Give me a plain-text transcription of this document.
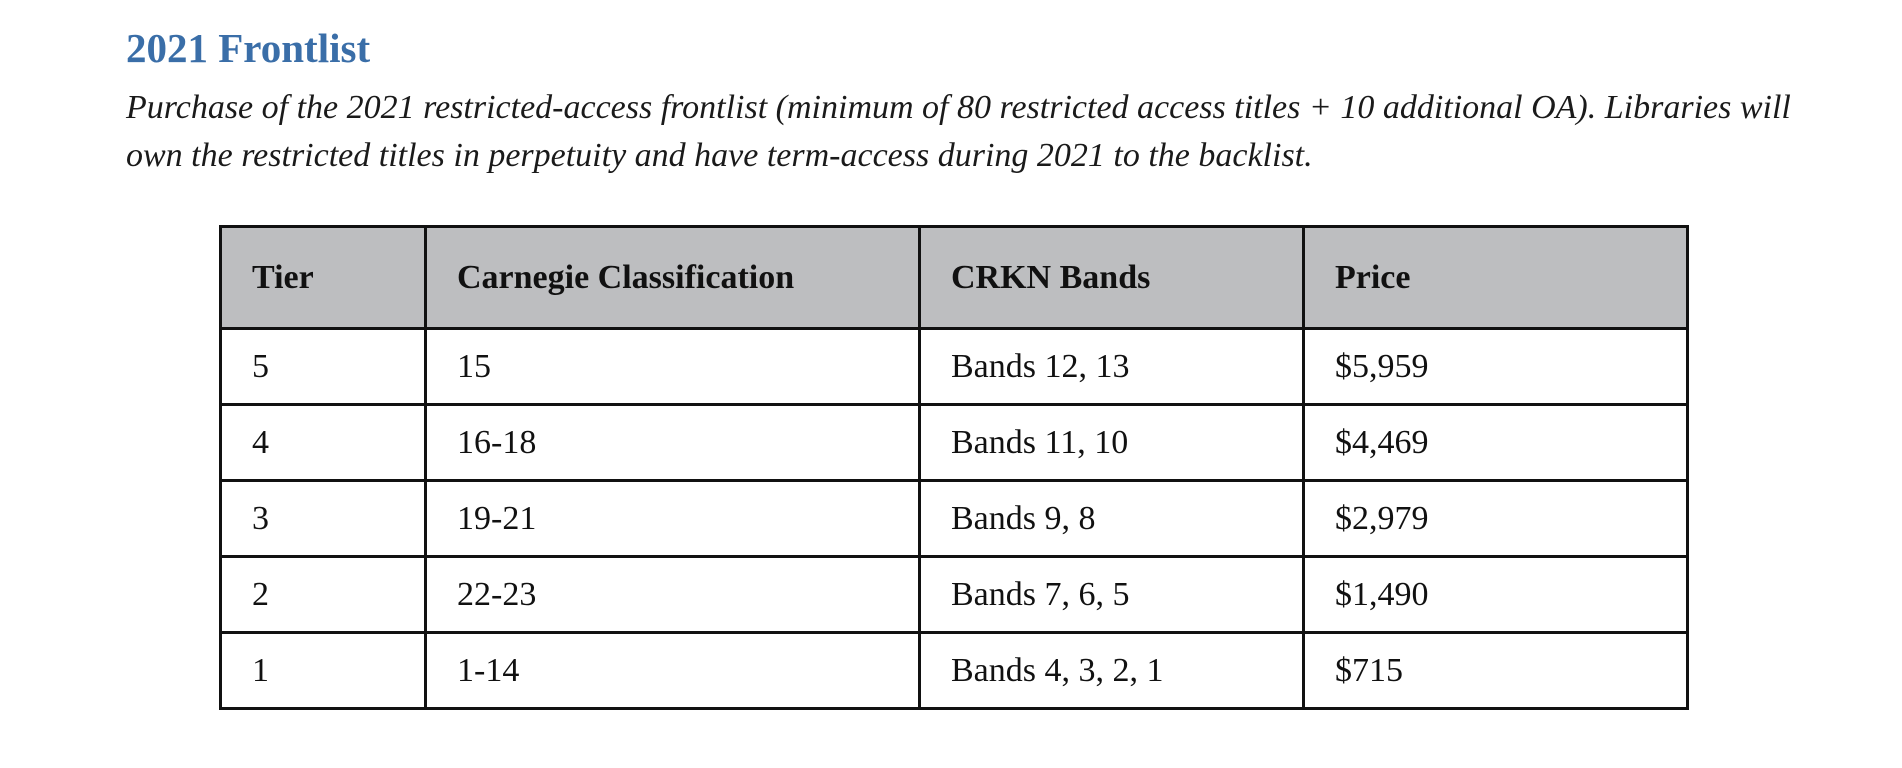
2021 Frontlist

Purchase of the 2021 restricted-access frontlist (minimum of 80 restricted access titles + 10 additional OA). Libraries will own the restricted titles in perpetuity and have term-access during 2021 to the backlist.

Tier	Carnegie Classification	CRKN Bands	Price
5	15	Bands 12, 13	$5,959
4	16-18	Bands 11, 10	$4,469
3	19-21	Bands 9, 8	$2,979
2	22-23	Bands 7, 6, 5	$1,490
1	1-14	Bands 4, 3, 2, 1	$715
